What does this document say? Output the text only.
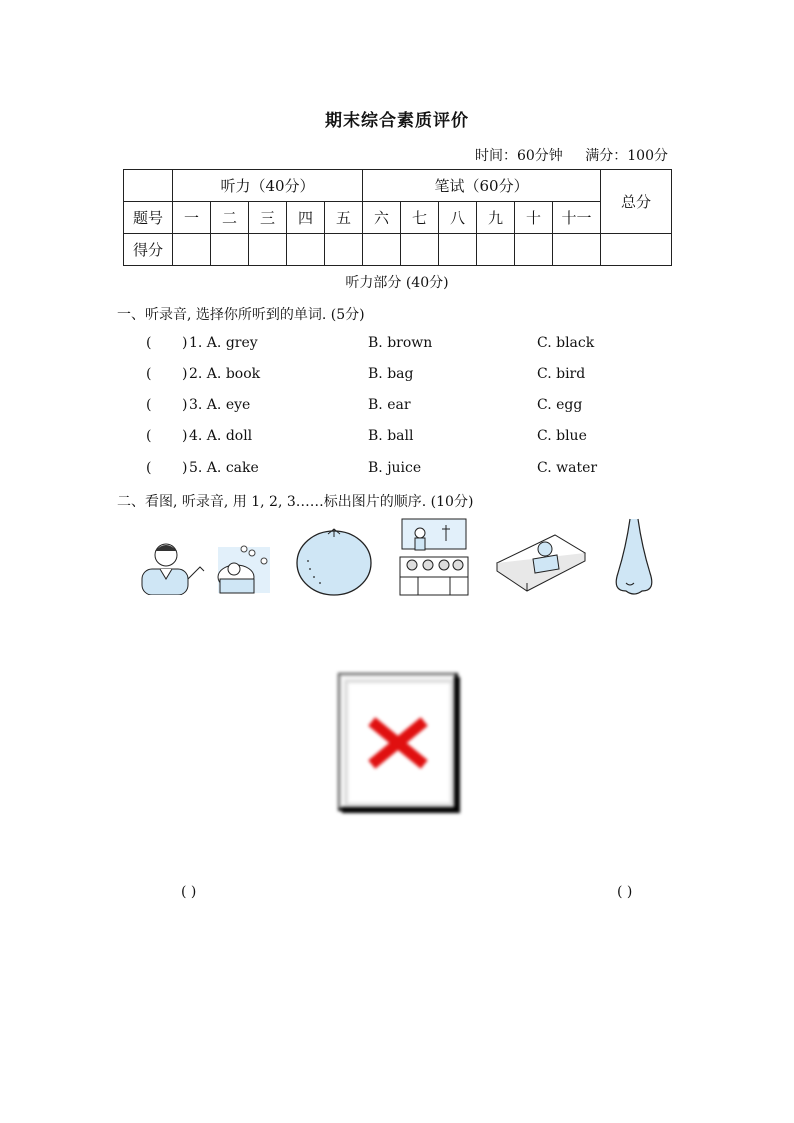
期末综合素质评价
时间：60分钟 满分：100分
	听力（40分）					笔试（60分）						总分
题号	一	二	三	四	五	六	七	八	九	十	十一	
得分												
听力部分 (40分)
一、听录音, 选择你所听到的单词. (5分)
( ) 1. A. grey	B. brown	C. black
( ) 2. A. book	B. bag	C. bird
( ) 3. A. eye	B. ear	C. egg
( ) 4. A. doll	B. ball	C. blue
( ) 5. A. cake	B. juice	C. water
二、看图, 听录音, 用 1, 2, 3……标出图片的顺序. (10分)
( )	( )
